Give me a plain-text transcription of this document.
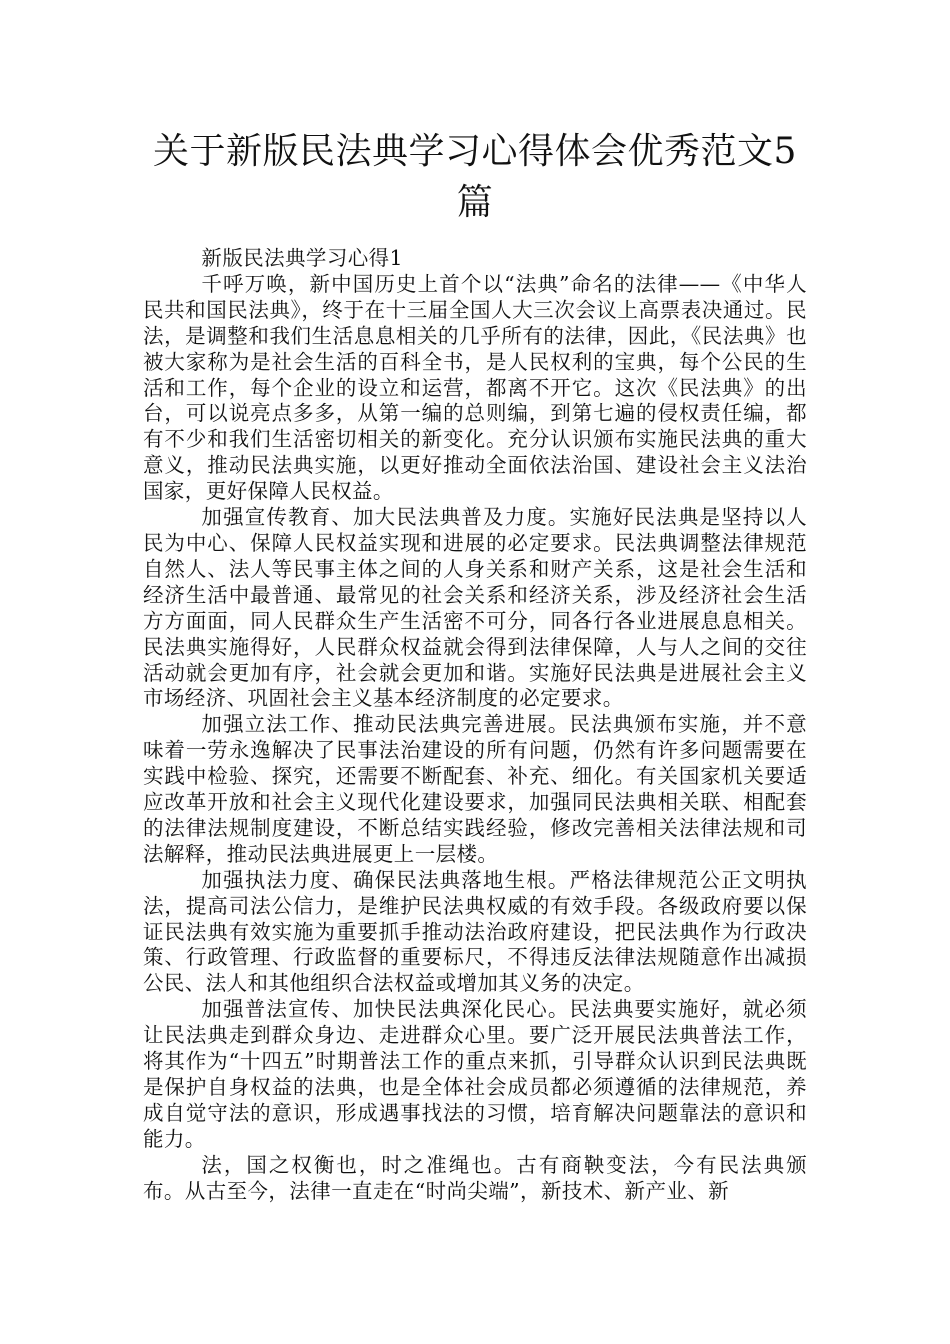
关于新版民法典学习心得体会优秀范文5篇

新版民法典学习心得1

千呼万唤，新中国历史上首个以“法典”命名的法律——《中华人民共和国民法典》，终于在十三届全国人大三次会议上高票表决通过。民法，是调整和我们生活息息相关的几乎所有的法律，因此，《民法典》也被大家称为是社会生活的百科全书，是人民权利的宝典，每个公民的生活和工作，每个企业的设立和运营，都离不开它。这次《民法典》的出台，可以说亮点多多，从第一编的总则编，到第七遍的侵权责任编，都有不少和我们生活密切相关的新变化。充分认识颁布实施民法典的重大意义，推动民法典实施，以更好推动全面依法治国、建设社会主义法治国家，更好保障人民权益。

加强宣传教育、加大民法典普及力度。实施好民法典是坚持以人民为中心、保障人民权益实现和进展的必定要求。民法典调整法律规范自然人、法人等民事主体之间的人身关系和财产关系，这是社会生活和经济生活中最普通、最常见的社会关系和经济关系，涉及经济社会生活方方面面，同人民群众生产生活密不可分，同各行各业进展息息相关。民法典实施得好，人民群众权益就会得到法律保障，人与人之间的交往活动就会更加有序，社会就会更加和谐。实施好民法典是进展社会主义市场经济、巩固社会主义基本经济制度的必定要求。

加强立法工作、推动民法典完善进展。民法典颁布实施，并不意味着一劳永逸解决了民事法治建设的所有问题，仍然有许多问题需要在实践中检验、探究，还需要不断配套、补充、细化。有关国家机关要适应改革开放和社会主义现代化建设要求，加强同民法典相关联、相配套的法律法规制度建设，不断总结实践经验，修改完善相关法律法规和司法解释，推动民法典进展更上一层楼。

加强执法力度、确保民法典落地生根。严格法律规范公正文明执法，提高司法公信力，是维护民法典权威的有效手段。各级政府要以保证民法典有效实施为重要抓手推动法治政府建设，把民法典作为行政决策、行政管理、行政监督的重要标尺，不得违反法律法规随意作出减损公民、法人和其他组织合法权益或增加其义务的决定。

加强普法宣传、加快民法典深化民心。民法典要实施好，就必须让民法典走到群众身边、走进群众心里。要广泛开展民法典普法工作，将其作为“十四五”时期普法工作的重点来抓，引导群众认识到民法典既是保护自身权益的法典，也是全体社会成员都必须遵循的法律规范，养成自觉守法的意识，形成遇事找法的习惯，培育解决问题靠法的意识和能力。

法，国之权衡也，时之准绳也。古有商鞅变法，今有民法典颁布。从古至今，法律一直走在“时尚尖端”，新技术、新产业、新
